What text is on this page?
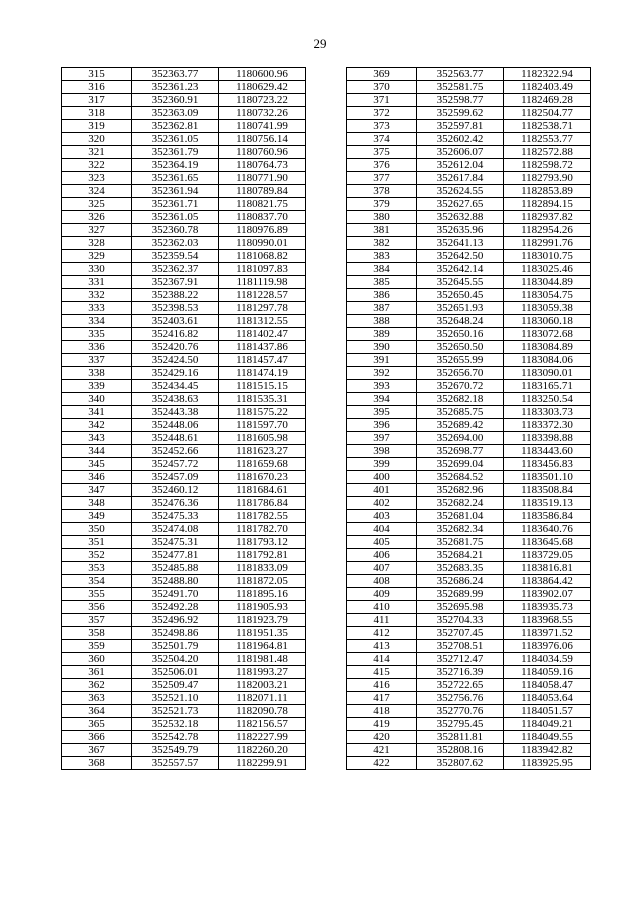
29
315	352363.77	1180600.96
316	352361.23	1180629.42
317	352360.91	1180723.22
318	352363.09	1180732.26
319	352362.81	1180741.99
320	352361.05	1180756.14
321	352361.79	1180760.96
322	352364.19	1180764.73
323	352361.65	1180771.90
324	352361.94	1180789.84
325	352361.71	1180821.75
326	352361.05	1180837.70
327	352360.78	1180976.89
328	352362.03	1180990.01
329	352359.54	1181068.82
330	352362.37	1181097.83
331	352367.91	1181119.98
332	352388.22	1181228.57
333	352398.53	1181297.78
334	352403.61	1181312.55
335	352416.82	1181402.47
336	352420.76	1181437.86
337	352424.50	1181457.47
338	352429.16	1181474.19
339	352434.45	1181515.15
340	352438.63	1181535.31
341	352443.38	1181575.22
342	352448.06	1181597.70
343	352448.61	1181605.98
344	352452.66	1181623.27
345	352457.72	1181659.68
346	352457.09	1181670.23
347	352460.12	1181684.61
348	352476.36	1181786.84
349	352475.33	1181782.55
350	352474.08	1181782.70
351	352475.31	1181793.12
352	352477.81	1181792.81
353	352485.88	1181833.09
354	352488.80	1181872.05
355	352491.70	1181895.16
356	352492.28	1181905.93
357	352496.92	1181923.79
358	352498.86	1181951.35
359	352501.79	1181964.81
360	352504.20	1181981.48
361	352506.01	1181993.27
362	352509.47	1182003.21
363	352521.10	1182071.11
364	352521.73	1182090.78
365	352532.18	1182156.57
366	352542.78	1182227.99
367	352549.79	1182260.20
368	352557.57	1182299.91
369	352563.77	1182322.94
370	352581.75	1182403.49
371	352598.77	1182469.28
372	352599.62	1182504.77
373	352597.81	1182538.71
374	352602.42	1182553.77
375	352606.07	1182572.88
376	352612.04	1182598.72
377	352617.84	1182793.90
378	352624.55	1182853.89
379	352627.65	1182894.15
380	352632.88	1182937.82
381	352635.96	1182954.26
382	352641.13	1182991.76
383	352642.50	1183010.75
384	352642.14	1183025.46
385	352645.55	1183044.89
386	352650.45	1183054.75
387	352651.93	1183059.38
388	352648.24	1183060.18
389	352650.16	1183072.68
390	352650.50	1183084.89
391	352655.99	1183084.06
392	352656.70	1183090.01
393	352670.72	1183165.71
394	352682.18	1183250.54
395	352685.75	1183303.73
396	352689.42	1183372.30
397	352694.00	1183398.88
398	352698.77	1183443.60
399	352699.04	1183456.83
400	352684.52	1183501.10
401	352682.96	1183508.84
402	352682.24	1183519.13
403	352681.04	1183586.84
404	352682.34	1183640.76
405	352681.75	1183645.68
406	352684.21	1183729.05
407	352683.35	1183816.81
408	352686.24	1183864.42
409	352689.99	1183902.07
410	352695.98	1183935.73
411	352704.33	1183968.55
412	352707.45	1183971.52
413	352708.51	1183976.06
414	352712.47	1184034.59
415	352716.39	1184059.16
416	352722.65	1184058.47
417	352756.76	1184053.64
418	352770.76	1184051.57
419	352795.45	1184049.21
420	352811.81	1184049.55
421	352808.16	1183942.82
422	352807.62	1183925.95
